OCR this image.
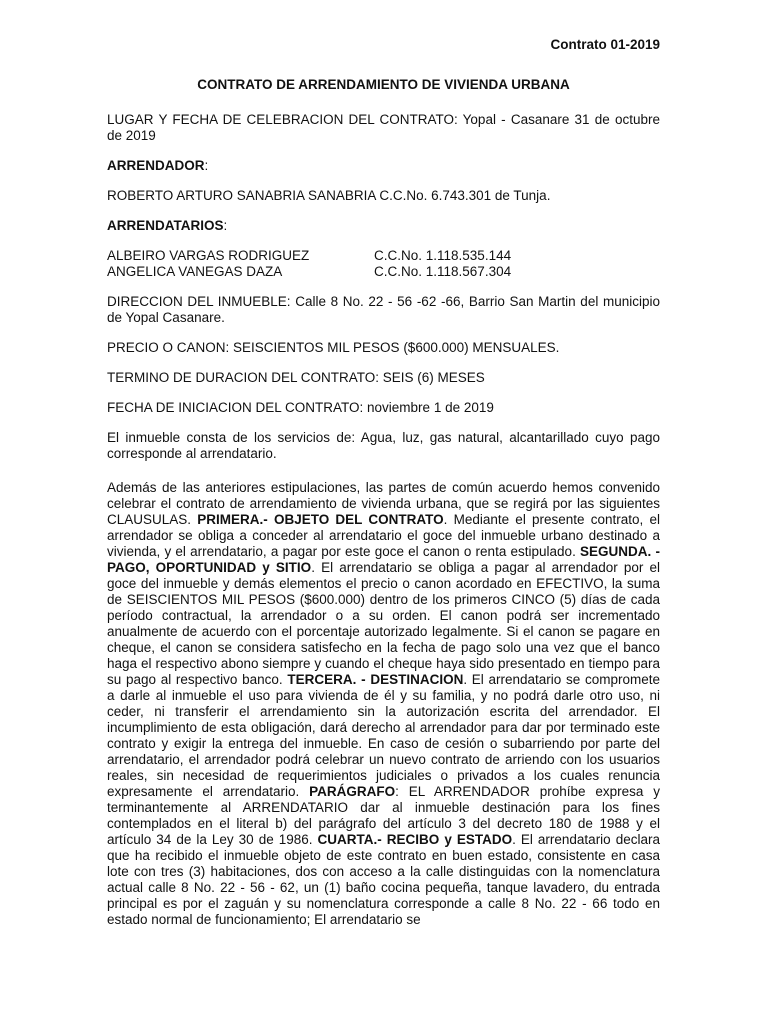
Contrato 01-2019
CONTRATO DE ARRENDAMIENTO DE VIVIENDA URBANA

LUGAR Y FECHA DE CELEBRACION DEL CONTRATO: Yopal - Casanare 31 de octubre de 2019

ARRENDADOR:

ROBERTO ARTURO SANABRIA SANABRIA C.C.No. 6.743.301 de Tunja.

ARRENDATARIOS:

ALBEIRO VARGAS RODRIGUEZ	C.C.No. 1.118.535.144
ANGELICA VANEGAS DAZA	C.C.No. 1.118.567.304

DIRECCION DEL INMUEBLE: Calle 8 No. 22 - 56 -62 -66, Barrio San Martin del municipio de Yopal Casanare.

PRECIO O CANON: SEISCIENTOS MIL PESOS ($600.000) MENSUALES.

TERMINO DE DURACION DEL CONTRATO: SEIS (6) MESES

FECHA DE INICIACION DEL CONTRATO: noviembre 1 de 2019

El inmueble consta de los servicios de: Agua, luz, gas natural, alcantarillado cuyo pago corresponde al arrendatario.

Además de las anteriores estipulaciones, las partes de común acuerdo hemos convenido celebrar el contrato de arrendamiento de vivienda urbana, que se regirá por las siguientes CLAUSULAS. PRIMERA.- OBJETO DEL CONTRATO. Mediante el presente contrato, el arrendador se obliga a conceder al arrendatario el goce del inmueble urbano destinado a vivienda, y el arrendatario, a pagar por este goce el canon o renta estipulado. SEGUNDA. - PAGO, OPORTUNIDAD y SITIO. El arrendatario se obliga a pagar al arrendador por el goce del inmueble y demás elementos el precio o canon acordado en EFECTIVO, la suma de SEISCIENTOS MIL PESOS ($600.000) dentro de los primeros CINCO (5) días de cada período contractual, la arrendador o a su orden. El canon podrá ser incrementado anualmente de acuerdo con el porcentaje autorizado legalmente. Si el canon se pagare en cheque, el canon se considera satisfecho en la fecha de pago solo una vez que el banco haga el respectivo abono siempre y cuando el cheque haya sido presentado en tiempo para su pago al respectivo banco. TERCERA. - DESTINACION. El arrendatario se compromete a darle al inmueble el uso para vivienda de él y su familia, y no podrá darle otro uso, ni ceder, ni transferir el arrendamiento sin la autorización escrita del arrendador. El incumplimiento de esta obligación, dará derecho al arrendador para dar por terminado este contrato y exigir la entrega del inmueble. En caso de cesión o subarriendo por parte del arrendatario, el arrendador podrá celebrar un nuevo contrato de arriendo con los usuarios reales, sin necesidad de requerimientos judiciales o privados a los cuales renuncia expresamente el arrendatario. PARÁGRAFO: EL ARRENDADOR prohíbe expresa y terminantemente al ARRENDATARIO dar al inmueble destinación para los fines contemplados en el literal b) del parágrafo del artículo 3 del decreto 180 de 1988 y el artículo 34 de la Ley 30 de 1986. CUARTA.- RECIBO y ESTADO. El arrendatario declara que ha recibido el inmueble objeto de este contrato en buen estado, consistente en casa lote con tres (3) habitaciones, dos con acceso a la calle distinguidas con la nomenclatura actual calle 8 No. 22 - 56 - 62, un (1) baño cocina pequeña, tanque lavadero, du entrada principal es por el zaguán y su nomenclatura corresponde a calle 8 No. 22 - 66 todo en estado normal de funcionamiento; El arrendatario se
